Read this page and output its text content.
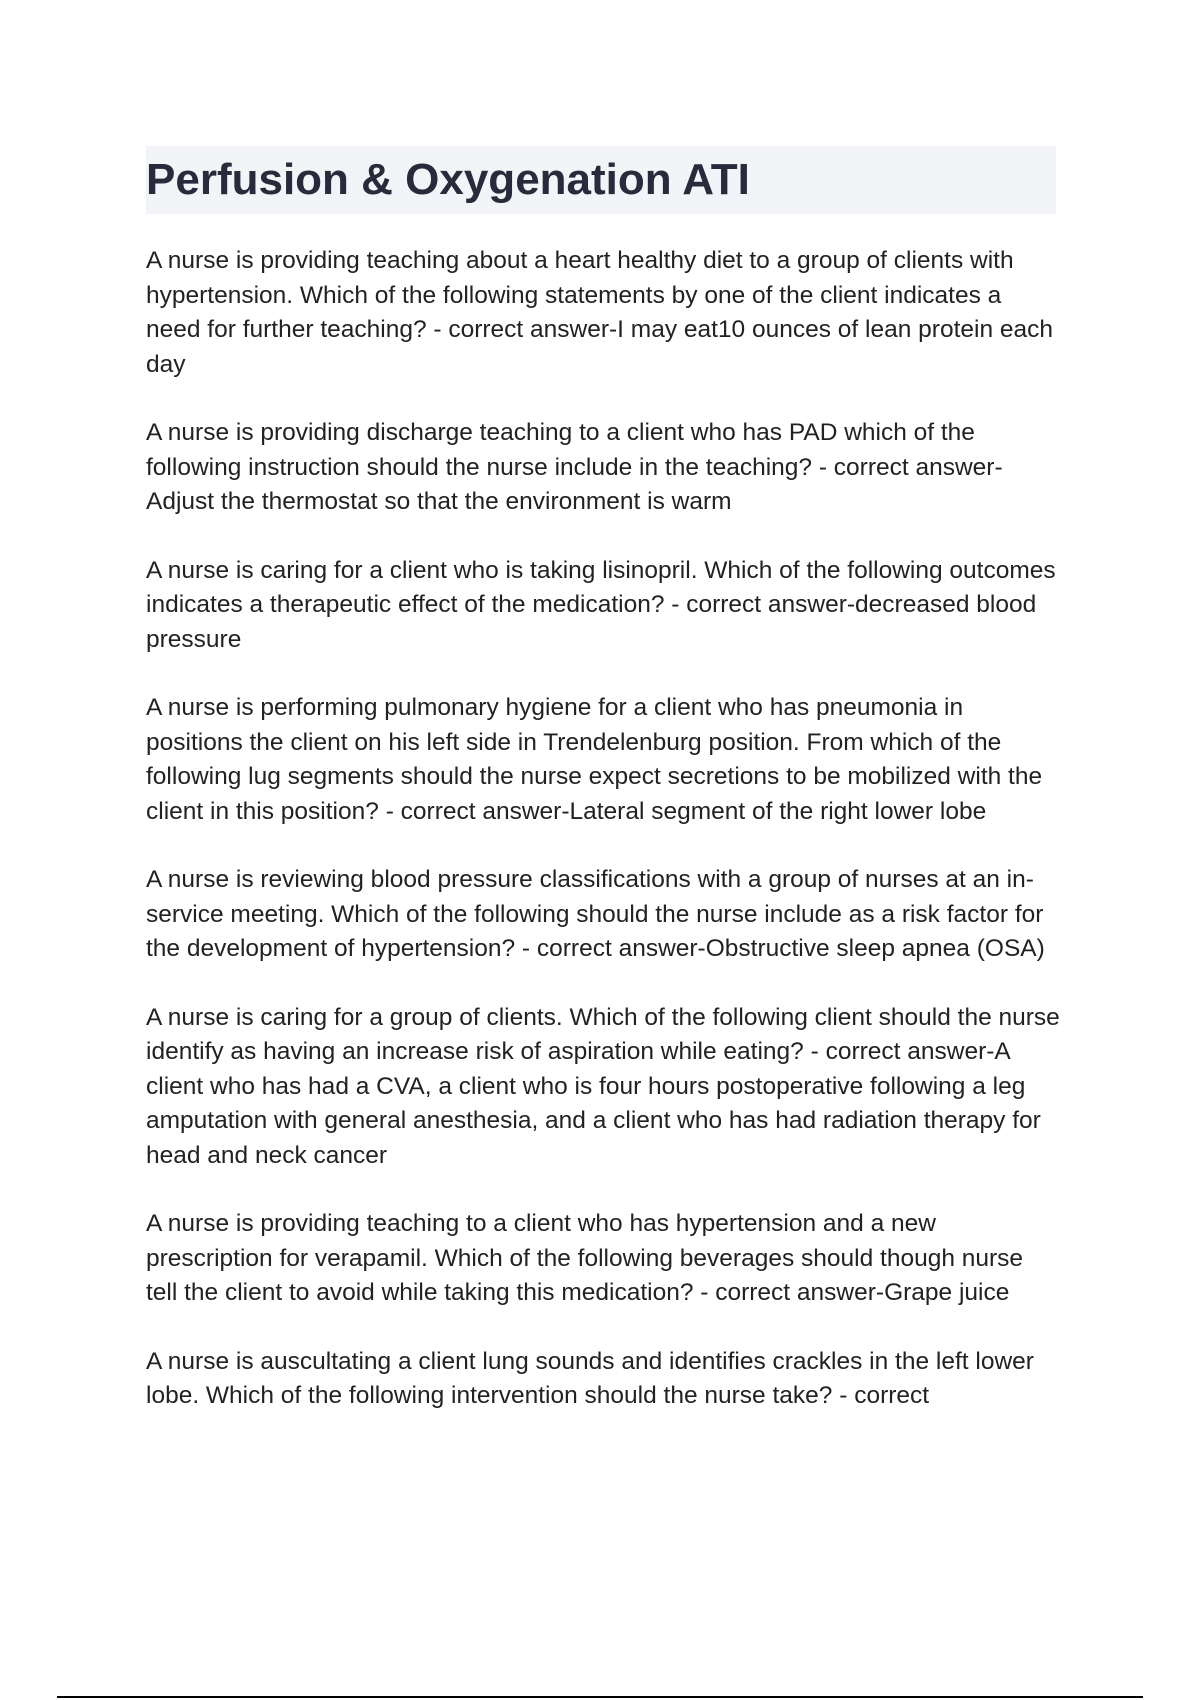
Perfusion & Oxygenation ATI

A nurse is providing teaching about a heart healthy diet to a group of clients with hypertension. Which of the following statements by one of the client indicates a need for further teaching? - correct answer-I may eat10 ounces of lean protein each day

A nurse is providing discharge teaching to a client who has PAD which of the following instruction should the nurse include in the teaching? - correct answer-Adjust the thermostat so that the environment is warm

A nurse is caring for a client who is taking lisinopril. Which of the following outcomes indicates a therapeutic effect of the medication? - correct answer-decreased blood pressure

A nurse is performing pulmonary hygiene for a client who has pneumonia in positions the client on his left side in Trendelenburg position. From which of the following lug segments should the nurse expect secretions to be mobilized with the client in this position? - correct answer-Lateral segment of the right lower lobe

A nurse is reviewing blood pressure classifications with a group of nurses at an in-service meeting. Which of the following should the nurse include as a risk factor for the development of hypertension? - correct answer-Obstructive sleep apnea (OSA)

A nurse is caring for a group of clients. Which of the following client should the nurse identify as having an increase risk of aspiration while eating? - correct answer-A client who has had a CVA, a client who is four hours postoperative following a leg amputation with general anesthesia, and a client who has had radiation therapy for head and neck cancer

A nurse is providing teaching to a client who has hypertension and a new prescription for verapamil. Which of the following beverages should though nurse tell the client to avoid while taking this medication? - correct answer-Grape juice

A nurse is auscultating a client lung sounds and identifies crackles in the left lower lobe. Which of the following intervention should the nurse take? - correct
